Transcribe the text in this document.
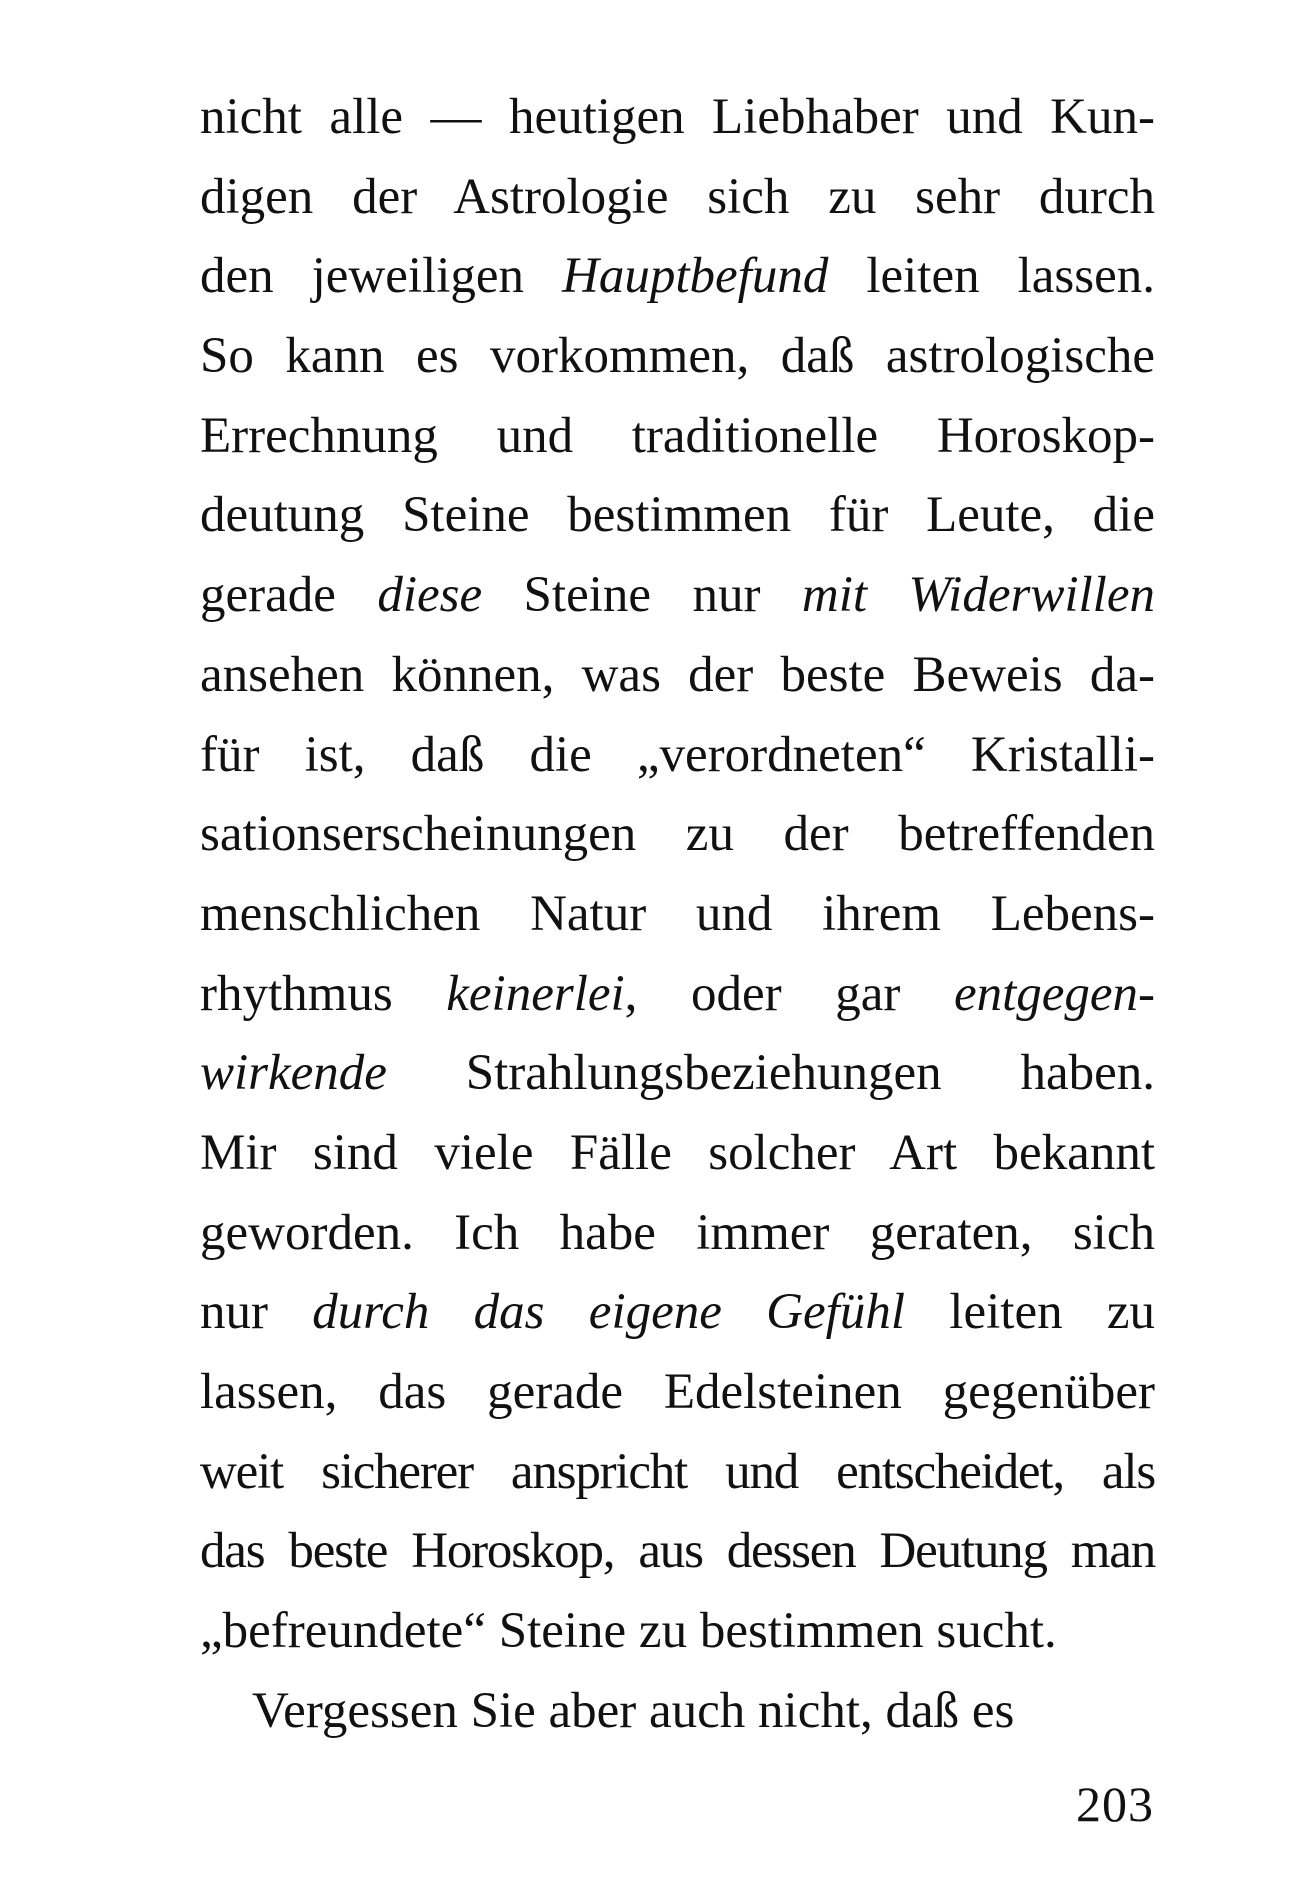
nicht alle — heutigen Liebhaber und Kun-
digen der Astrologie sich zu sehr durch
den jeweiligen Hauptbefund leiten lassen.
So kann es vorkommen, daß astrologische
Errechnung und traditionelle Horoskop-
deutung Steine bestimmen für Leute, die
gerade diese Steine nur mit Widerwillen
ansehen können, was der beste Beweis da-
für ist, daß die „verordneten“ Kristalli-
sationserscheinungen zu der betreffenden
menschlichen Natur und ihrem Lebens-
rhythmus keinerlei, oder gar entgegen-
wirkende Strahlungsbeziehungen haben.
Mir sind viele Fälle solcher Art bekannt
geworden. Ich habe immer geraten, sich
nur durch das eigene Gefühl leiten zu
lassen, das gerade Edelsteinen gegenüber
weit sicherer anspricht und entscheidet, als
das beste Horoskop, aus dessen Deutung man
„befreundete“ Steine zu bestimmen sucht.
Vergessen Sie aber auch nicht, daß es
203
